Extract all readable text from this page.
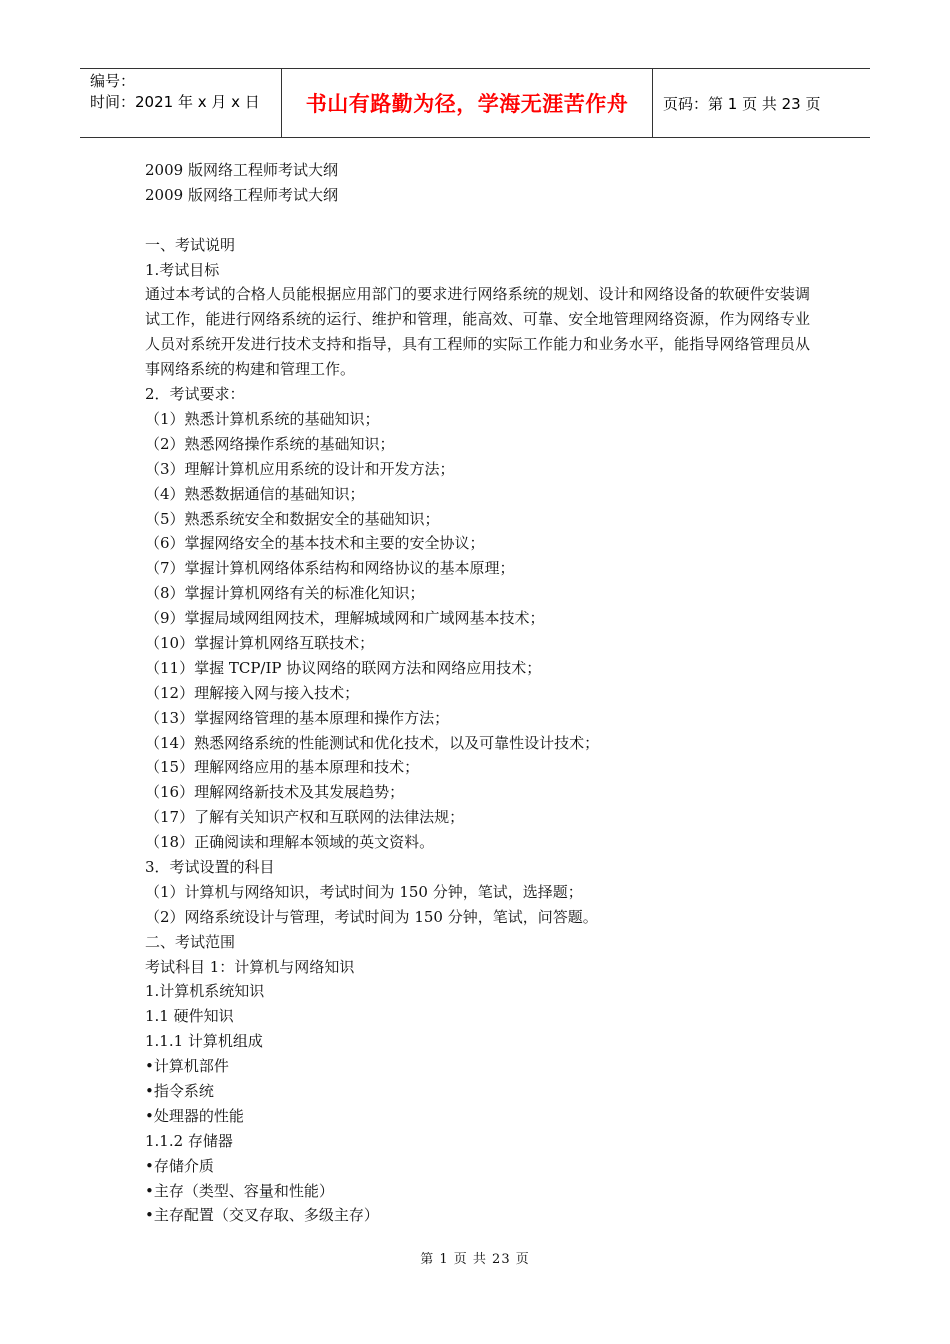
编号：
时间：2021 年 x 月 x 日	书山有路勤为径，学海无涯苦作舟	页码：第 1 页 共 23 页
2009 版网络工程师考试大纲
2009 版网络工程师考试大纲
一、考试说明
1.考试目标
通过本考试的合格人员能根据应用部门的要求进行网络系统的规划、设计和网络设备的软硬件安装调试工作，能进行网络系统的运行、维护和管理，能高效、可靠、安全地管理网络资源，作为网络专业人员对系统开发进行技术支持和指导，具有工程师的实际工作能力和业务水平，能指导网络管理员从事网络系统的构建和管理工作。
2．考试要求：
（1）熟悉计算机系统的基础知识；
（2）熟悉网络操作系统的基础知识；
（3）理解计算机应用系统的设计和开发方法；
（4）熟悉数据通信的基础知识；
（5）熟悉系统安全和数据安全的基础知识；
（6）掌握网络安全的基本技术和主要的安全协议；
（7）掌握计算机网络体系结构和网络协议的基本原理；
（8）掌握计算机网络有关的标准化知识；
（9）掌握局域网组网技术，理解城域网和广域网基本技术；
（10）掌握计算机网络互联技术；
（11）掌握 TCP/IP 协议网络的联网方法和网络应用技术；
（12）理解接入网与接入技术；
（13）掌握网络管理的基本原理和操作方法；
（14）熟悉网络系统的性能测试和优化技术，以及可靠性设计技术；
（15）理解网络应用的基本原理和技术；
（16）理解网络新技术及其发展趋势；
（17）了解有关知识产权和互联网的法律法规；
（18）正确阅读和理解本领域的英文资料。
3．考试设置的科目
（1）计算机与网络知识，考试时间为 150 分钟，笔试，选择题；
（2）网络系统设计与管理，考试时间为 150 分钟，笔试，问答题。
二、考试范围
考试科目 1：计算机与网络知识
1.计算机系统知识
1.1 硬件知识
1.1.1 计算机组成
•计算机部件
•指令系统
•处理器的性能
1.1.2 存储器
•存储介质
•主存（类型、容量和性能）
•主存配置（交叉存取、多级主存）
第 1 页 共 23 页
